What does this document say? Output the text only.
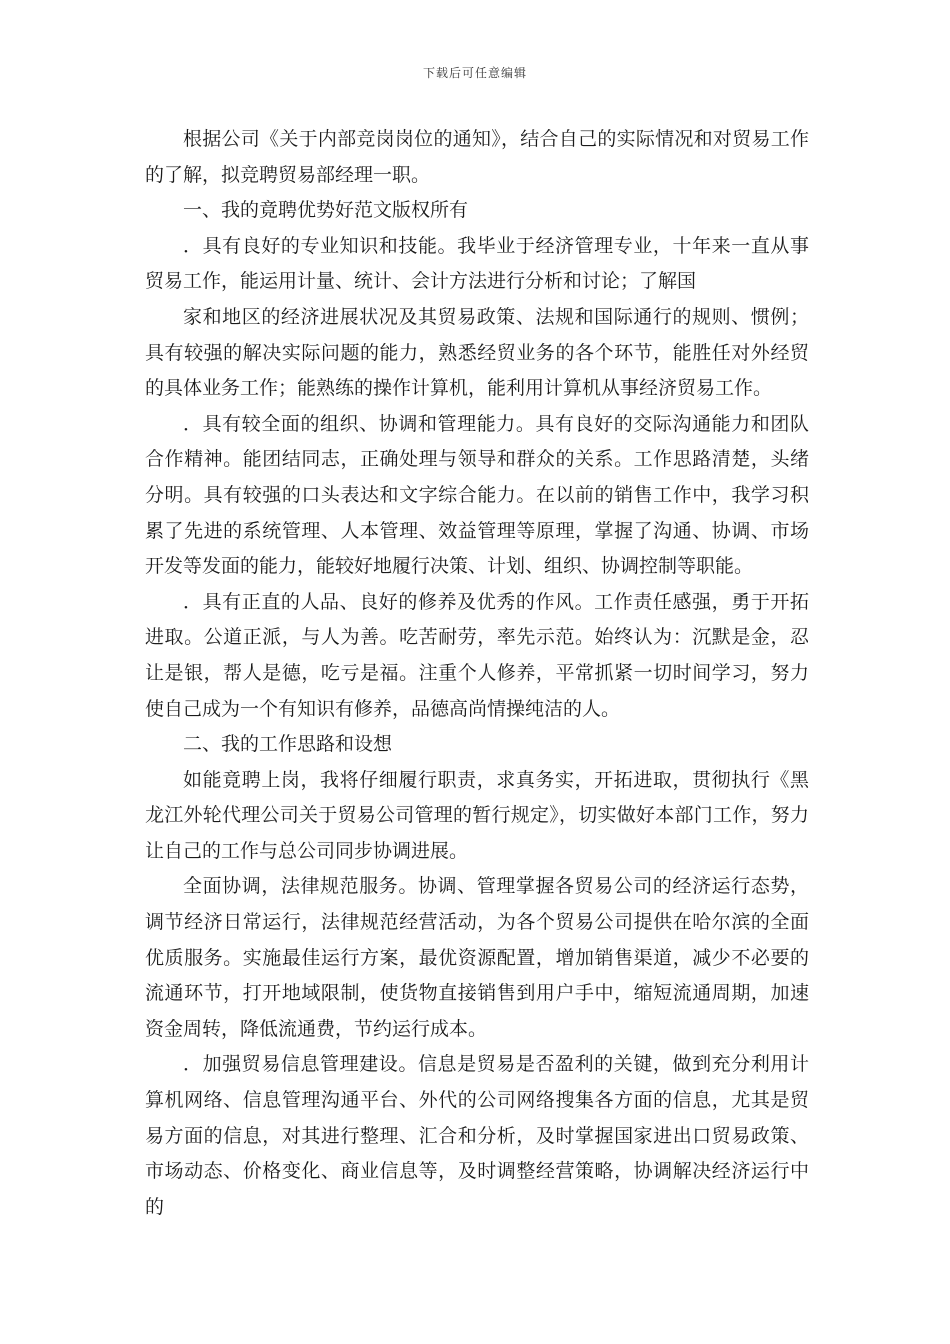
下载后可任意编辑

根据公司《关于内部竞岗岗位的通知》，结合自己的实际情况和对贸易工作的了解，拟竞聘贸易部经理一职。

一、我的竟聘优势好范文版权所有

．具有良好的专业知识和技能。我毕业于经济管理专业，十年来一直从事贸易工作，能运用计量、统计、会计方法进行分析和讨论；了解国

家和地区的经济进展状况及其贸易政策、法规和国际通行的规则、惯例；具有较强的解决实际问题的能力，熟悉经贸业务的各个环节，能胜任对外经贸的具体业务工作；能熟练的操作计算机，能利用计算机从事经济贸易工作。

．具有较全面的组织、协调和管理能力。具有良好的交际沟通能力和团队合作精神。能团结同志，正确处理与领导和群众的关系。工作思路清楚，头绪分明。具有较强的口头表达和文字综合能力。在以前的销售工作中，我学习积累了先进的系统管理、人本管理、效益管理等原理，掌握了沟通、协调、市场开发等发面的能力，能较好地履行决策、计划、组织、协调控制等职能。

．具有正直的人品、良好的修养及优秀的作风。工作责任感强，勇于开拓进取。公道正派，与人为善。吃苦耐劳，率先示范。始终认为：沉默是金，忍让是银，帮人是德，吃亏是福。注重个人修养，平常抓紧一切时间学习，努力使自己成为一个有知识有修养，品德高尚情操纯洁的人。

二、我的工作思路和设想

如能竟聘上岗，我将仔细履行职责，求真务实，开拓进取，贯彻执行《黑龙江外轮代理公司关于贸易公司管理的暂行规定》，切实做好本部门工作，努力让自己的工作与总公司同步协调进展。

全面协调，法律规范服务。协调、管理掌握各贸易公司的经济运行态势，调节经济日常运行，法律规范经营活动，为各个贸易公司提供在哈尔滨的全面优质服务。实施最佳运行方案，最优资源配置，增加销售渠道，减少不必要的流通环节，打开地域限制，使货物直接销售到用户手中，缩短流通周期，加速资金周转，降低流通费，节约运行成本。

．加强贸易信息管理建设。信息是贸易是否盈利的关键，做到充分利用计算机网络、信息管理沟通平台、外代的公司网络搜集各方面的信息，尤其是贸易方面的信息，对其进行整理、汇合和分析，及时掌握国家进出口贸易政策、市场动态、价格变化、商业信息等，及时调整经营策略，协调解决经济运行中的
